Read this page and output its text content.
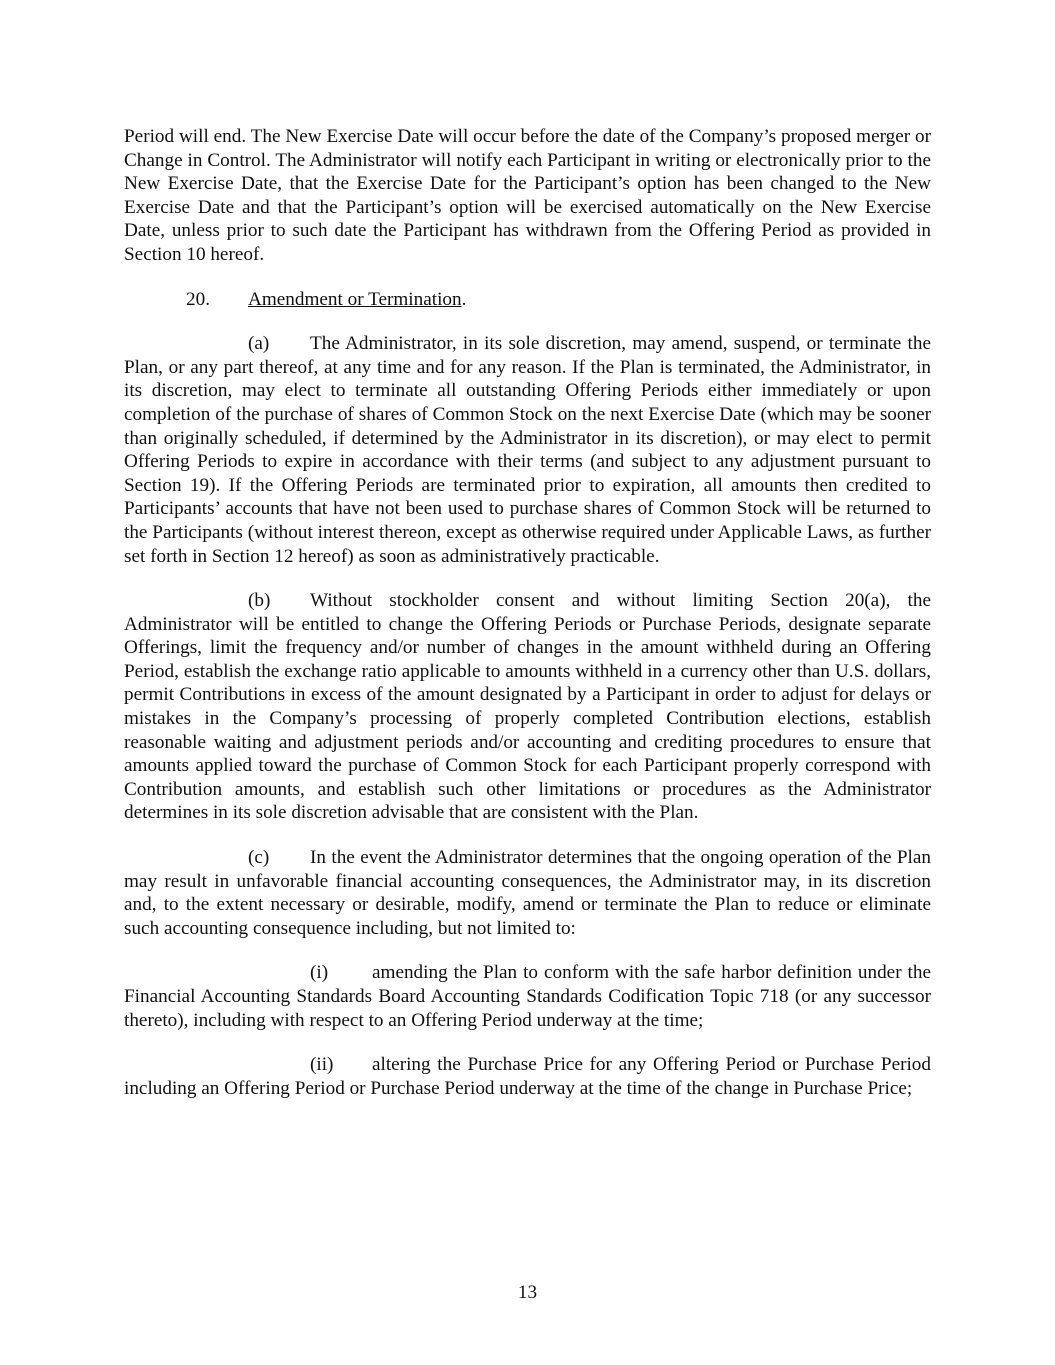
Period will end. The New Exercise Date will occur before the date of the Company’s proposed merger or Change in Control. The Administrator will notify each Participant in writing or electronically prior to the New Exercise Date, that the Exercise Date for the Participant’s option has been changed to the New Exercise Date and that the Participant’s option will be exercised automatically on the New Exercise Date, unless prior to such date the Participant has withdrawn from the Offering Period as provided in Section 10 hereof.

20. Amendment or Termination.

(a) The Administrator, in its sole discretion, may amend, suspend, or terminate the Plan, or any part thereof, at any time and for any reason. If the Plan is terminated, the Administrator, in its discretion, may elect to terminate all outstanding Offering Periods either immediately or upon completion of the purchase of shares of Common Stock on the next Exercise Date (which may be sooner than originally scheduled, if determined by the Administrator in its discretion), or may elect to permit Offering Periods to expire in accordance with their terms (and subject to any adjustment pursuant to Section 19). If the Offering Periods are terminated prior to expiration, all amounts then credited to Participants’ accounts that have not been used to purchase shares of Common Stock will be returned to the Participants (without interest thereon, except as otherwise required under Applicable Laws, as further set forth in Section 12 hereof) as soon as administratively practicable.

(b) Without stockholder consent and without limiting Section 20(a), the Administrator will be entitled to change the Offering Periods or Purchase Periods, designate separate Offerings, limit the frequency and/or number of changes in the amount withheld during an Offering Period, establish the exchange ratio applicable to amounts withheld in a currency other than U.S. dollars, permit Contributions in excess of the amount designated by a Participant in order to adjust for delays or mistakes in the Company’s processing of properly completed Contribution elections, establish reasonable waiting and adjustment periods and/or accounting and crediting procedures to ensure that amounts applied toward the purchase of Common Stock for each Participant properly correspond with Contribution amounts, and establish such other limitations or procedures as the Administrator determines in its sole discretion advisable that are consistent with the Plan.

(c) In the event the Administrator determines that the ongoing operation of the Plan may result in unfavorable financial accounting consequences, the Administrator may, in its discretion and, to the extent necessary or desirable, modify, amend or terminate the Plan to reduce or eliminate such accounting consequence including, but not limited to:

(i) amending the Plan to conform with the safe harbor definition under the Financial Accounting Standards Board Accounting Standards Codification Topic 718 (or any successor thereto), including with respect to an Offering Period underway at the time;

(ii) altering the Purchase Price for any Offering Period or Purchase Period including an Offering Period or Purchase Period underway at the time of the change in Purchase Price;

13
